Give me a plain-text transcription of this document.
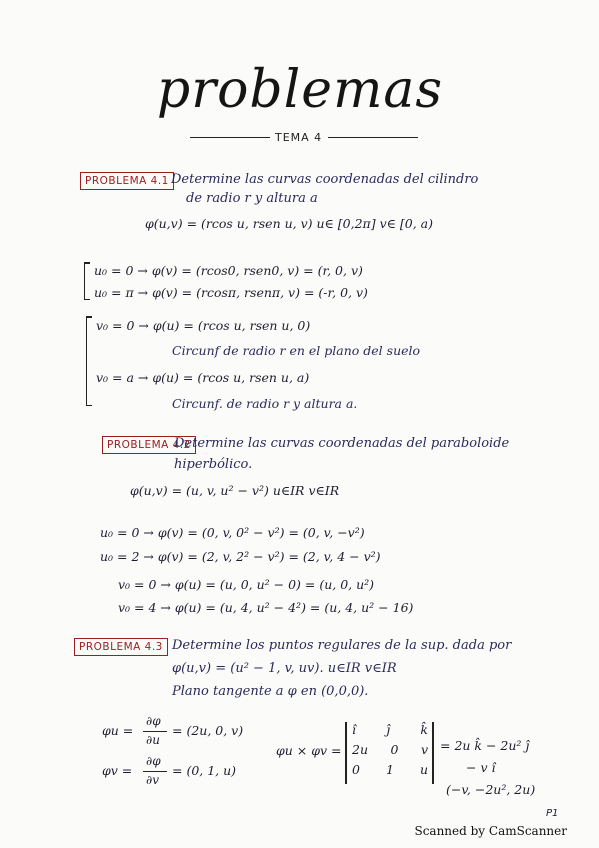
problemas
TEMA 4
PROBLEMA 4.1 Determine las curvas coordenadas del cilindro
de radio r y altura a
φ(u,v) = (rcos u, rsen u, v) u∈ [0,2π] v∈ [0, a)
u₀ = 0 → φ(v) = (rcos0, rsen0, v) = (r, 0, v)
u₀ = π → φ(v) = (rcosπ, rsenπ, v) = (-r, 0, v)
v₀ = 0 → φ(u) = (rcos u, rsen u, 0)
Circunf de radio r en el plano del suelo
v₀ = a → φ(u) = (rcos u, rsen u, a)
Circunf. de radio r y altura a.
PROBLEMA 4.2
Determine las curvas coordenadas del paraboloide
hiperbólico.
φ(u,v) = (u, v, u² − v²) u∈IR v∈IR
u₀ = 0 → φ(v) = (0, v, 0² − v²) = (0, v, −v²)
u₀ = 2 → φ(v) = (2, v, 2² − v²) = (2, v, 4 − v²)
v₀ = 0 → φ(u) = (u, 0, u² − 0) = (u, 0, u²)
v₀ = 4 → φ(u) = (u, 4, u² − 4²) = (u, 4, u² − 16)
PROBLEMA 4.3 Determine los puntos regulares de la sup. dada por
φ(u,v) = (u² − 1, v, uv). u∈IR v∈IR
Plano tangente a φ en (0,0,0).
φu =
∂φ
∂u
= (2u, 0, v)
φv =
∂φ
∂v
= (0, 1, u)
φu × φv =
î ĵ k̂
2u 0 v
0 1 u
= 2u k̂ − 2u² ĵ
− v î
(−v, −2u², 2u)
P1
Scanned by CamScanner
